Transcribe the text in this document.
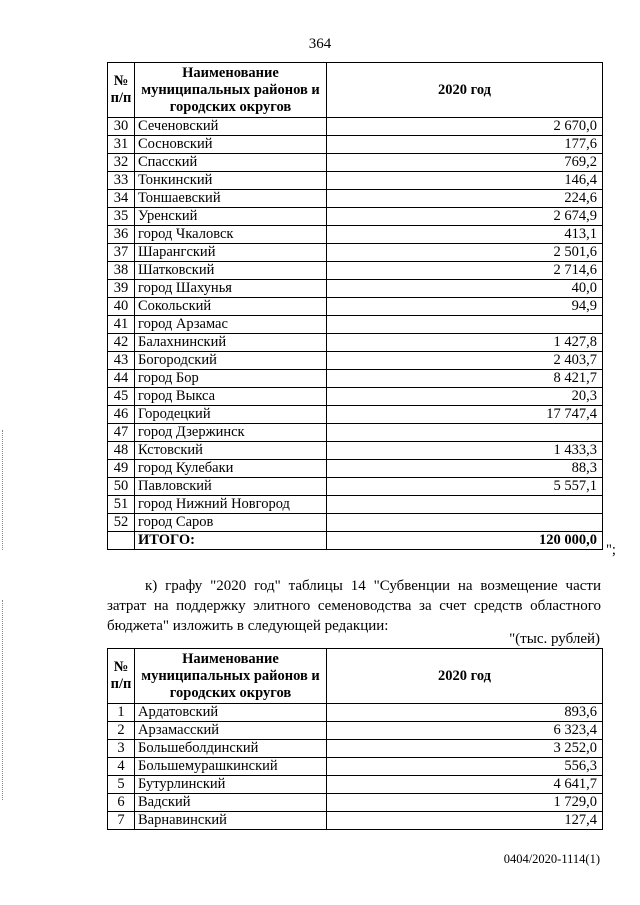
364
№ п/п	Наименование муниципальных районов и городских округов	2020 год
30	Сеченовский	2 670,0
31	Сосновский	177,6
32	Спасский	769,2
33	Тонкинский	146,4
34	Тоншаевский	224,6
35	Уренский	2 674,9
36	город Чкаловск	413,1
37	Шарангский	2 501,6
38	Шатковский	2 714,6
39	город Шахунья	40,0
40	Сокольский	94,9
41	город Арзамас	
42	Балахнинский	1 427,8
43	Богородский	2 403,7
44	город Бор	8 421,7
45	город Выкса	20,3
46	Городецкий	17 747,4
47	город Дзержинск	
48	Кстовский	1 433,3
49	город Кулебаки	88,3
50	Павловский	5 557,1
51	город Нижний Новгород	
52	город Саров	
	ИТОГО:	120 000,0
";
к) графу "2020 год" таблицы 14 "Субвенции на возмещение части затрат на поддержку элитного семеноводства за счет средств областного бюджета" изложить в следующей редакции:
"(тыс. рублей)
№ п/п	Наименование муниципальных районов и городских округов	2020 год
1	Ардатовский	893,6
2	Арзамасский	6 323,4
3	Большеболдинский	3 252,0
4	Большемурашкинский	556,3
5	Бутурлинский	4 641,7
6	Вадский	1 729,0
7	Варнавинский	127,4
0404/2020-1114(1)
